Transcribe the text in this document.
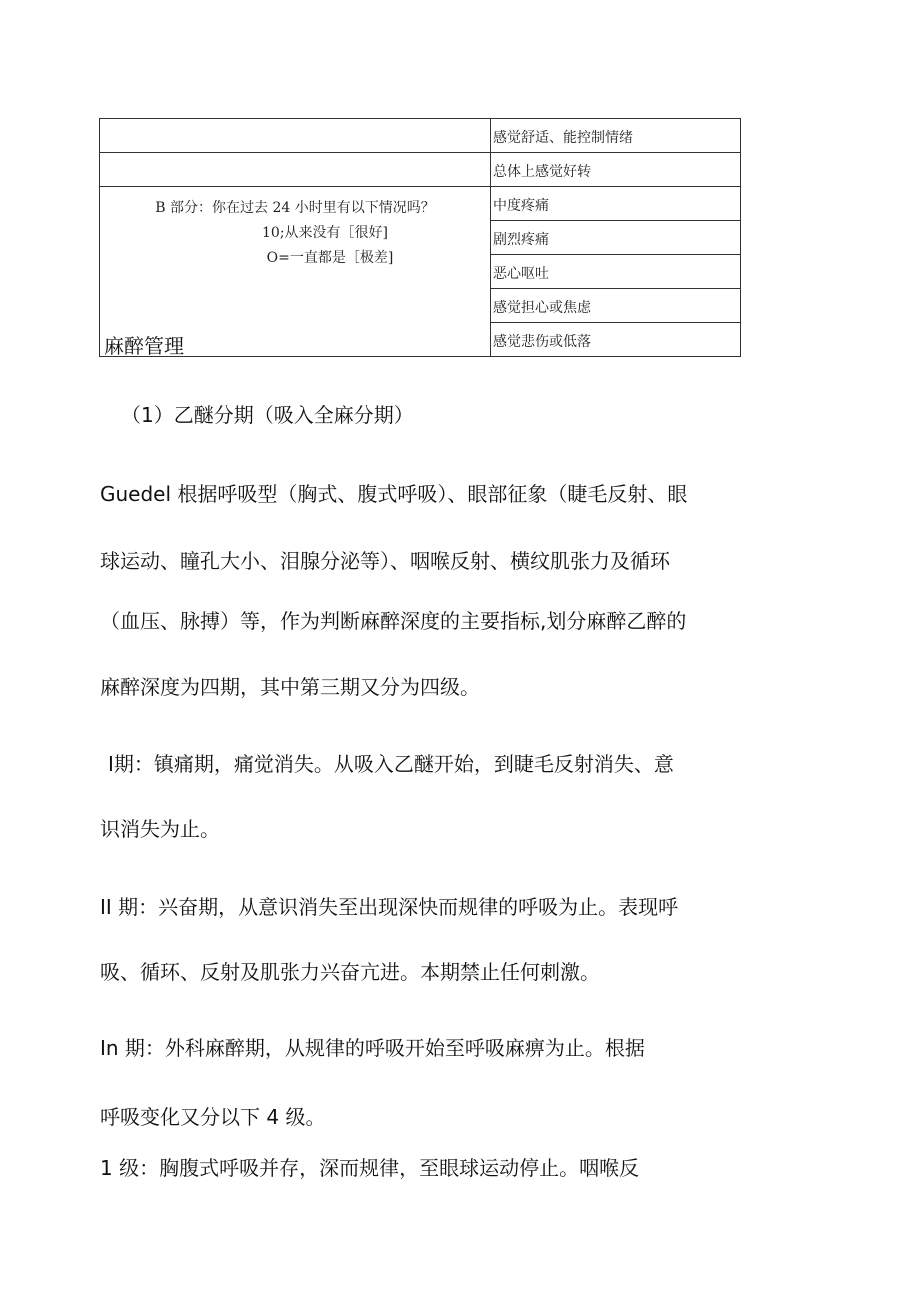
	感觉舒适、能控制情绪
	总体上感觉好转

B 部分：你在过去 24 小时里有以下情况吗？
10;从来没有［很好]
O=一直都是［极差]	中度疼痛
	剧烈疼痛
	恶心呕吐
	感觉担心或焦虑
	感觉悲伤或低落

麻醉管理

（1）乙醚分期（吸入全麻分期）

Guedel 根据呼吸型（胸式、腹式呼吸）、眼部征象（睫毛反射、眼

球运动、瞳孔大小、泪腺分泌等）、咽喉反射、横纹肌张力及循环

（血压、脉搏）等，作为判断麻醉深度的主要指标,划分麻醉乙醉的

麻醉深度为四期，其中第三期又分为四级。

Ⅰ期：镇痛期，痛觉消失。从吸入乙醚开始，到睫毛反射消失、意

识消失为止。

II 期：兴奋期，从意识消失至出现深快而规律的呼吸为止。表现呼

吸、循环、反射及肌张力兴奋亢进。本期禁止任何刺激。

In 期：外科麻醉期，从规律的呼吸开始至呼吸麻痹为止。根据

呼吸变化又分以下 4 级。

1 级：胸腹式呼吸并存，深而规律，至眼球运动停止。咽喉反
